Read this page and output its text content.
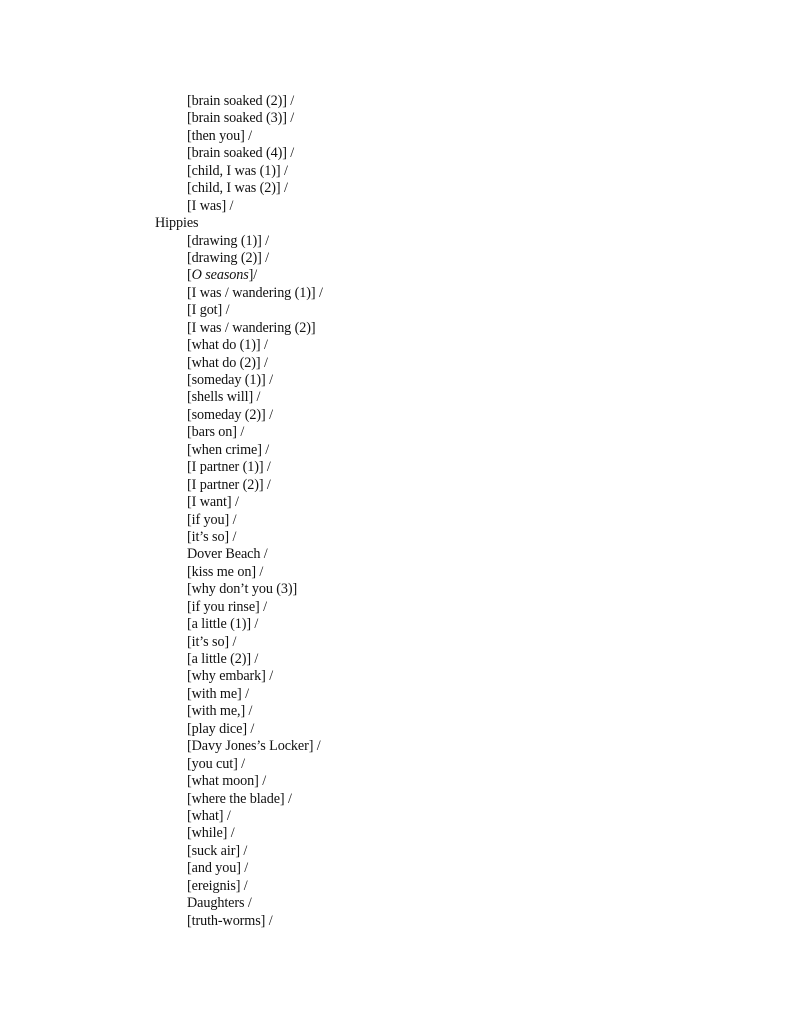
[brain soaked (2)] /
[brain soaked (3)] /
[then you] /
[brain soaked (4)] /
[child, I was (1)] /
[child, I was (2)] /
[I was] /
Hippies
[drawing (1)] /
[drawing (2)] /
[O seasons]/
[I was / wandering (1)] /
[I got] /
[I was / wandering (2)]
[what do (1)] /
[what do (2)] /
[someday (1)] /
[shells will] /
[someday (2)] /
[bars on] /
[when crime] /
[I partner (1)] /
[I partner (2)] /
[I want] /
[if you] /
[it’s so] /
Dover Beach /
[kiss me on] /
[why don’t you (3)]
[if you rinse] /
[a little (1)] /
[it’s so] /
[a little (2)] /
[why embark] /
[with me] /
[with me,] /
[play dice] /
[Davy Jones’s Locker] /
[you cut] /
[what moon] /
[where the blade] /
[what] /
[while] /
[suck air] /
[and you] /
[ereignis] /
Daughters /
[truth-worms] /
